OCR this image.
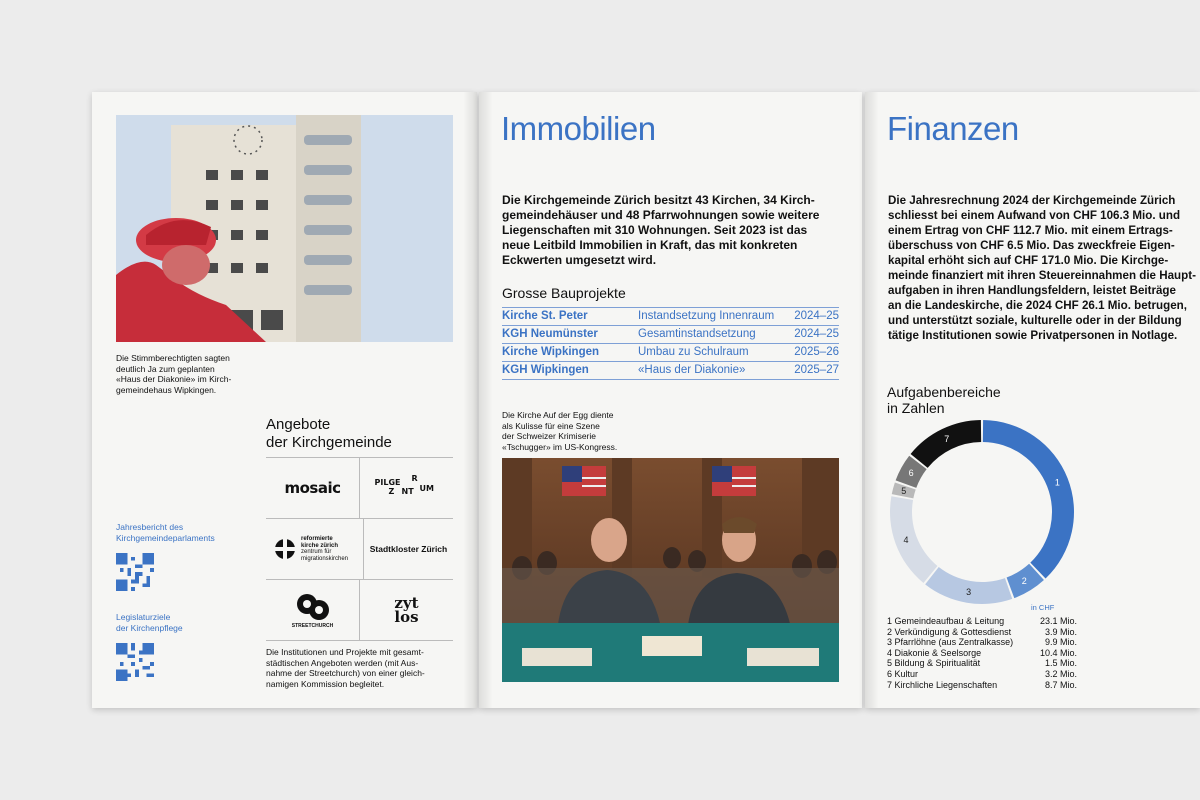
Die Stimmberechtigten sagten
deutlich Ja zum geplanten
«Haus der Diakonie» im Kirch-
gemeindehaus Wipkingen.
Angebote
der Kirchgemeinde
mosaic	PILGE R
Z NT UM
reformierte
kirche zürich
zentrum für
migrationskirchen
Stadtkloster Zürich
STREETCHURCH
zyt
los
Die Institutionen und Projekte mit gesamt-
städtischen Angeboten werden (mit Aus-
nahme der Streetchurch) von einer gleich-
namigen Kommission begleitet.
Jahresbericht des
Kirchgemeindeparlaments
Legislaturziele
der Kirchenpflege
Immobilien
Die Kirchgemeinde Zürich besitzt 43 Kirchen, 34 Kirch-
gemeindehäuser und 48 Pfarrwohnungen sowie weitere
Liegenschaften mit 310 Wohnungen. Seit 2023 ist das
neue Leitbild Immobilien in Kraft, das mit konkreten
Eckwerten umgesetzt wird.
Grosse Bauprojekte
Kirche St. Peter	Instandsetzung Innenraum	2024–25
KGH Neumünster	Gesamtinstandsetzung	2024–25
Kirche Wipkingen	Umbau zu Schulraum	2025–26
KGH Wipkingen	«Haus der Diakonie»	2025–27
Die Kirche Auf der Egg diente
als Kulisse für eine Szene
der Schweizer Krimiserie
«Tschugger» im US-Kongress.
Finanzen
Die Jahresrechnung 2024 der Kirchgemeinde Zürich
schliesst bei einem Aufwand von CHF 106.3 Mio. und
einem Ertrag von CHF 112.7 Mio. mit einem Ertrags-
überschuss von CHF 6.5 Mio. Das zweckfreie Eigen-
kapital erhöht sich auf CHF 171.0 Mio. Die Kirchge-
meinde finanziert mit ihren Steuereinnahmen die Haupt-
aufgaben in ihren Handlungsfeldern, leistet Beiträge
an die Landeskirche, die 2024 CHF 26.1 Mio. betrugen,
und unterstützt soziale, kulturelle oder in der Bildung
tätige Institutionen sowie Privatpersonen in Notlage.
Aufgabenbereiche
in Zahlen
1
2
3
4
5
6
7
in CHF
1 Gemeindeaufbau & Leitung	23.1 Mio.
2 Verkündigung & Gottesdienst	3.9 Mio.
3 Pfarrlöhne (aus Zentralkasse)	9.9 Mio.
4 Diakonie & Seelsorge	10.4 Mio.
5 Bildung & Spiritualität	1.5 Mio.
6 Kultur	3.2 Mio.
7 Kirchliche Liegenschaften	8.7 Mio.
